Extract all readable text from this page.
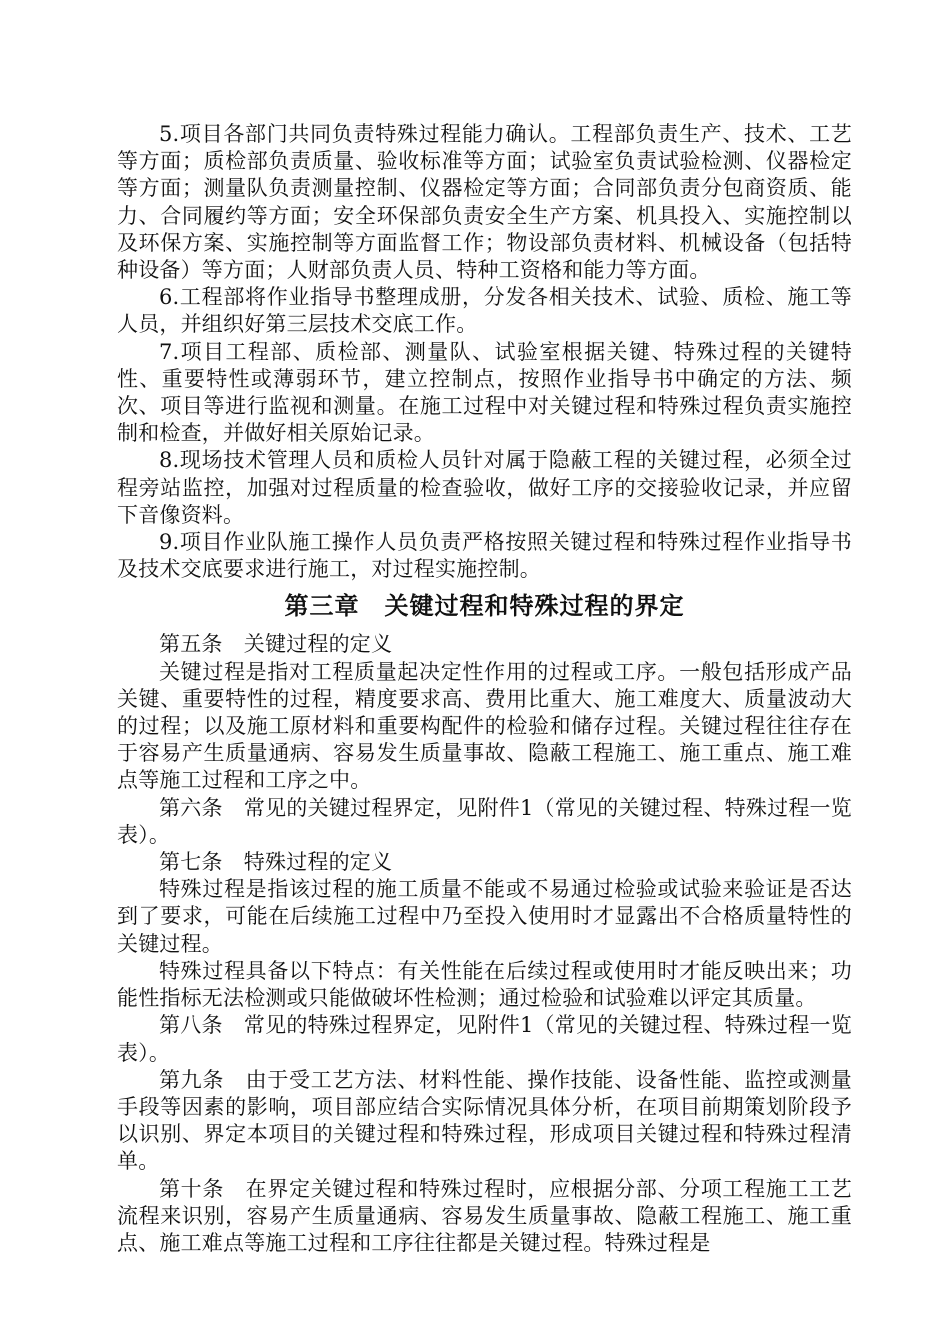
5.项目各部门共同负责特殊过程能力确认。工程部负责生产、技术、工艺等方面；质检部负责质量、验收标准等方面；试验室负责试验检测、仪器检定等方面；测量队负责测量控制、仪器检定等方面；合同部负责分包商资质、能力、合同履约等方面；安全环保部负责安全生产方案、机具投入、实施控制以及环保方案、实施控制等方面监督工作；物设部负责材料、机械设备（包括特种设备）等方面；人财部负责人员、特种工资格和能力等方面。

6.工程部将作业指导书整理成册，分发各相关技术、试验、质检、施工等人员，并组织好第三层技术交底工作。

7.项目工程部、质检部、测量队、试验室根据关键、特殊过程的关键特性、重要特性或薄弱环节，建立控制点，按照作业指导书中确定的方法、频次、项目等进行监视和测量。在施工过程中对关键过程和特殊过程负责实施控制和检查，并做好相关原始记录。

8.现场技术管理人员和质检人员针对属于隐蔽工程的关键过程，必须全过程旁站监控，加强对过程质量的检查验收，做好工序的交接验收记录，并应留下音像资料。

9.项目作业队施工操作人员负责严格按照关键过程和特殊过程作业指导书及技术交底要求进行施工，对过程实施控制。

第三章　关键过程和特殊过程的界定

第五条　关键过程的定义

关键过程是指对工程质量起决定性作用的过程或工序。一般包括形成产品关键、重要特性的过程，精度要求高、费用比重大、施工难度大、质量波动大的过程；以及施工原材料和重要构配件的检验和储存过程。关键过程往往存在于容易产生质量通病、容易发生质量事故、隐蔽工程施工、施工重点、施工难点等施工过程和工序之中。

第六条　常见的关键过程界定，见附件1（常见的关键过程、特殊过程一览表）。

第七条　特殊过程的定义

特殊过程是指该过程的施工质量不能或不易通过检验或试验来验证是否达到了要求，可能在后续施工过程中乃至投入使用时才显露出不合格质量特性的关键过程。

特殊过程具备以下特点：有关性能在后续过程或使用时才能反映出来；功能性指标无法检测或只能做破坏性检测；通过检验和试验难以评定其质量。

第八条　常见的特殊过程界定，见附件1（常见的关键过程、特殊过程一览表）。

第九条　由于受工艺方法、材料性能、操作技能、设备性能、监控或测量手段等因素的影响，项目部应结合实际情况具体分析，在项目前期策划阶段予以识别、界定本项目的关键过程和特殊过程，形成项目关键过程和特殊过程清单。

第十条　在界定关键过程和特殊过程时，应根据分部、分项工程施工工艺流程来识别，容易产生质量通病、容易发生质量事故、隐蔽工程施工、施工重点、施工难点等施工过程和工序往往都是关键过程。特殊过程是
